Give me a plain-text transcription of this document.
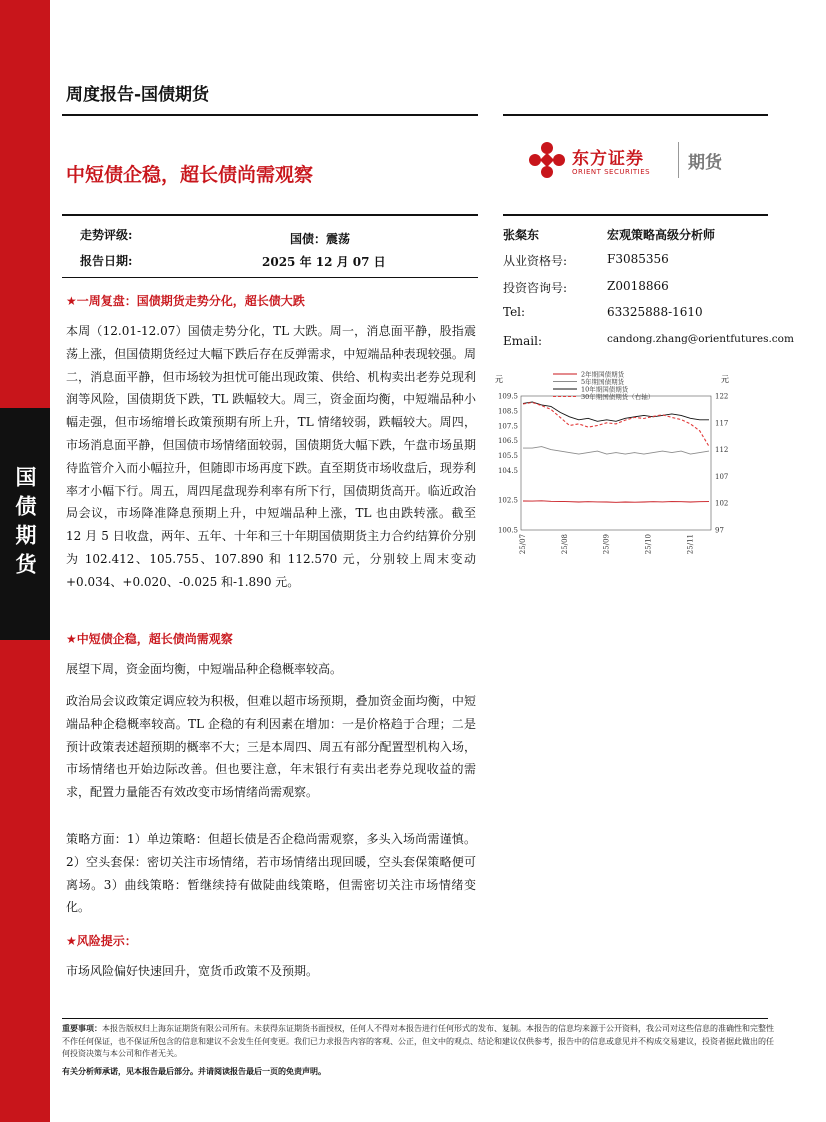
国债期货
周度报告-国债期货
中短债企稳，超长债尚需观察
东方证券
ORIENT SECURITIES 期货
走势评级:	国债：震荡
报告日期:	2025 年 12 月 07 日
张粲东	宏观策略高级分析师
从业资格号:	F3085356
投资咨询号:	Z0018866
Tel:	63325888-1610
Email:	candong.zhang@orientfutures.com
元	元
100.5
102.5
104.5
105.5
106.5
107.5
108.5
109.5
97
102
107
112
117
122
25/07	25/08	25/09	25/10	25/11
2年期国债期货
5年期国债期货
10年期国债期货
30年期国债期货（右轴）
★一周复盘：国债期货走势分化，超长债大跌
本周（12.01-12.07）国债走势分化，TL 大跌。周一，消息面平静，股指震荡上涨，但国债期货经过大幅下跌后存在反弹需求，中短端品种表现较强。周二，消息面平静，但市场较为担忧可能出现政策、供给、机构卖出老券兑现利润等风险，国债期货下跌，TL 跌幅较大。周三，资金面均衡，中短端品种小幅走强，但市场缩增长政策预期有所上升，TL 情绪较弱，跌幅较大。周四，市场消息面平静，但国债市场情绪面较弱，国债期货大幅下跌，午盘市场虽期待监管介入而小幅拉升，但随即市场再度下跌。直至期货市场收盘后，现券利率才小幅下行。周五，周四尾盘现券利率有所下行，国债期货高开。临近政治局会议，市场降准降息预期上升，中短端品种上涨，TL 也由跌转涨。截至 12 月 5 日收盘，两年、五年、十年和三十年期国债期货主力合约结算价分别为 102.412、105.755、107.890 和 112.570 元，分别较上周末变动+0.034、+0.020、-0.025 和-1.890 元。
★中短债企稳，超长债尚需观察
展望下周，资金面均衡，中短端品种企稳概率较高。
政治局会议政策定调应较为积极，但难以超市场预期，叠加资金面均衡，中短端品种企稳概率较高。TL 企稳的有利因素在增加：一是价格趋于合理；二是预计政策表述超预期的概率不大；三是本周四、周五有部分配置型机构入场，市场情绪也开始边际改善。但也要注意，年末银行有卖出老券兑现收益的需求，配置力量能否有效改变市场情绪尚需观察。
策略方面：1）单边策略：但超长债是否企稳尚需观察，多头入场尚需谨慎。2）空头套保：密切关注市场情绪，若市场情绪出现回暖，空头套保策略便可离场。3）曲线策略：暂继续持有做陡曲线策略，但需密切关注市场情绪变化。
★风险提示：
市场风险偏好快速回升，宽货币政策不及预期。
重要事项：本报告版权归上海东证期货有限公司所有。未获得东证期货书面授权，任何人不得对本报告进行任何形式的发布、复制。本报告的信息均来源于公开资料，我公司对这些信息的准确性和完整性不作任何保证，也不保证所包含的信息和建议不会发生任何变更。我们已力求报告内容的客观、公正，但文中的观点、结论和建议仅供参考，报告中的信息或意见并不构成交易建议，投资者据此做出的任何投资决策与本公司和作者无关。
有关分析师承诺，见本报告最后部分。并请阅读报告最后一页的免责声明。
